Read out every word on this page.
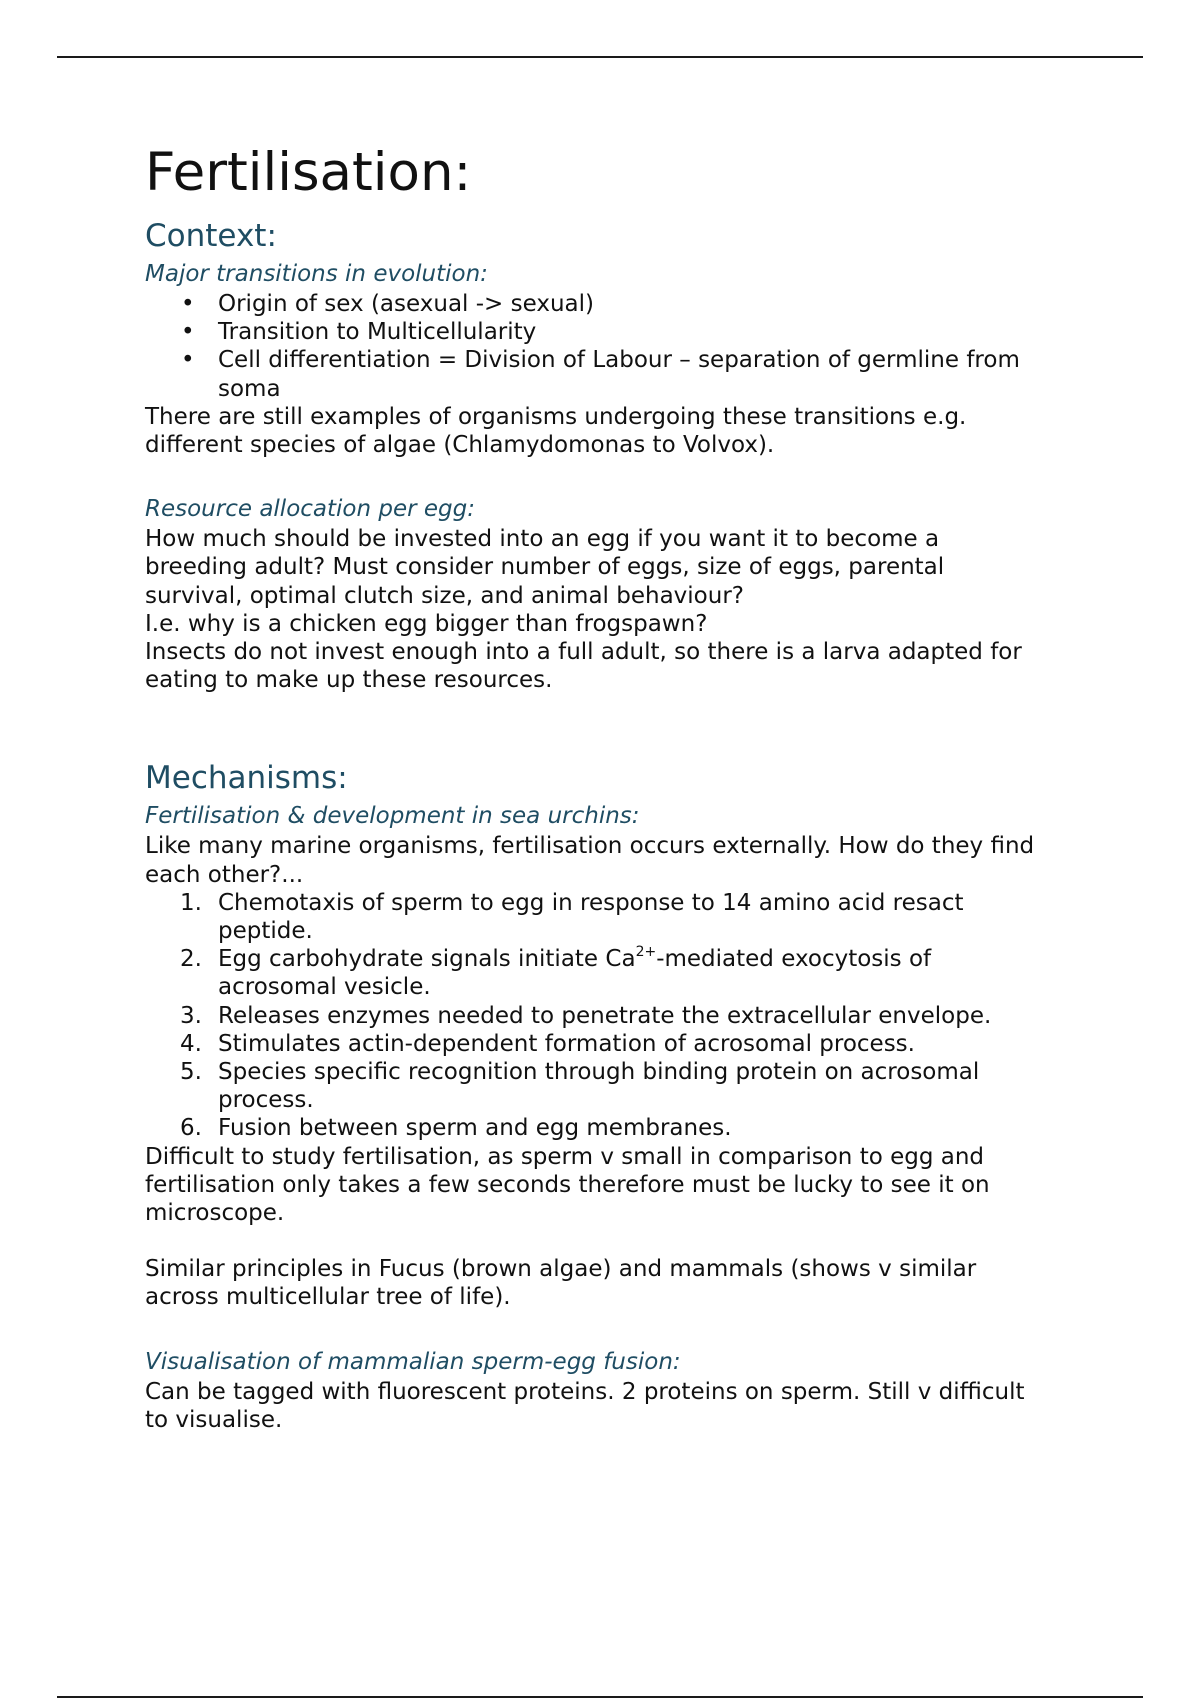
Fertilisation:
Context:
Major transitions in evolution:
• Origin of sex (asexual -> sexual)
• Transition to Multicellularity
• Cell differentiation = Division of Labour – separation of germline from soma

There are still examples of organisms undergoing these transitions e.g. different species of algae (Chlamydomonas to Volvox).

Resource allocation per egg:

How much should be invested into an egg if you want it to become a breeding adult? Must consider number of eggs, size of eggs, parental survival, optimal clutch size, and animal behaviour?

I.e. why is a chicken egg bigger than frogspawn?

Insects do not invest enough into a full adult, so there is a larva adapted for eating to make up these resources.

Mechanisms:
Fertilisation & development in sea urchins:

Like many marine organisms, fertilisation occurs externally. How do they find each other?...

1. Chemotaxis of sperm to egg in response to 14 amino acid resact peptide.
2. Egg carbohydrate signals initiate $Ca^{2+}$-mediated exocytosis of acrosomal vesicle.
3. Releases enzymes needed to penetrate the extracellular envelope.
4. Stimulates actin-dependent formation of acrosomal process.
5. Species specific recognition through binding protein on acrosomal process.
6. Fusion between sperm and egg membranes.

Difficult to study fertilisation, as sperm v small in comparison to egg and fertilisation only takes a few seconds therefore must be lucky to see it on microscope.

Similar principles in Fucus (brown algae) and mammals (shows v similar across multicellular tree of life).

Visualisation of mammalian sperm-egg fusion:

Can be tagged with fluorescent proteins. 2 proteins on sperm. Still v difficult to visualise.
